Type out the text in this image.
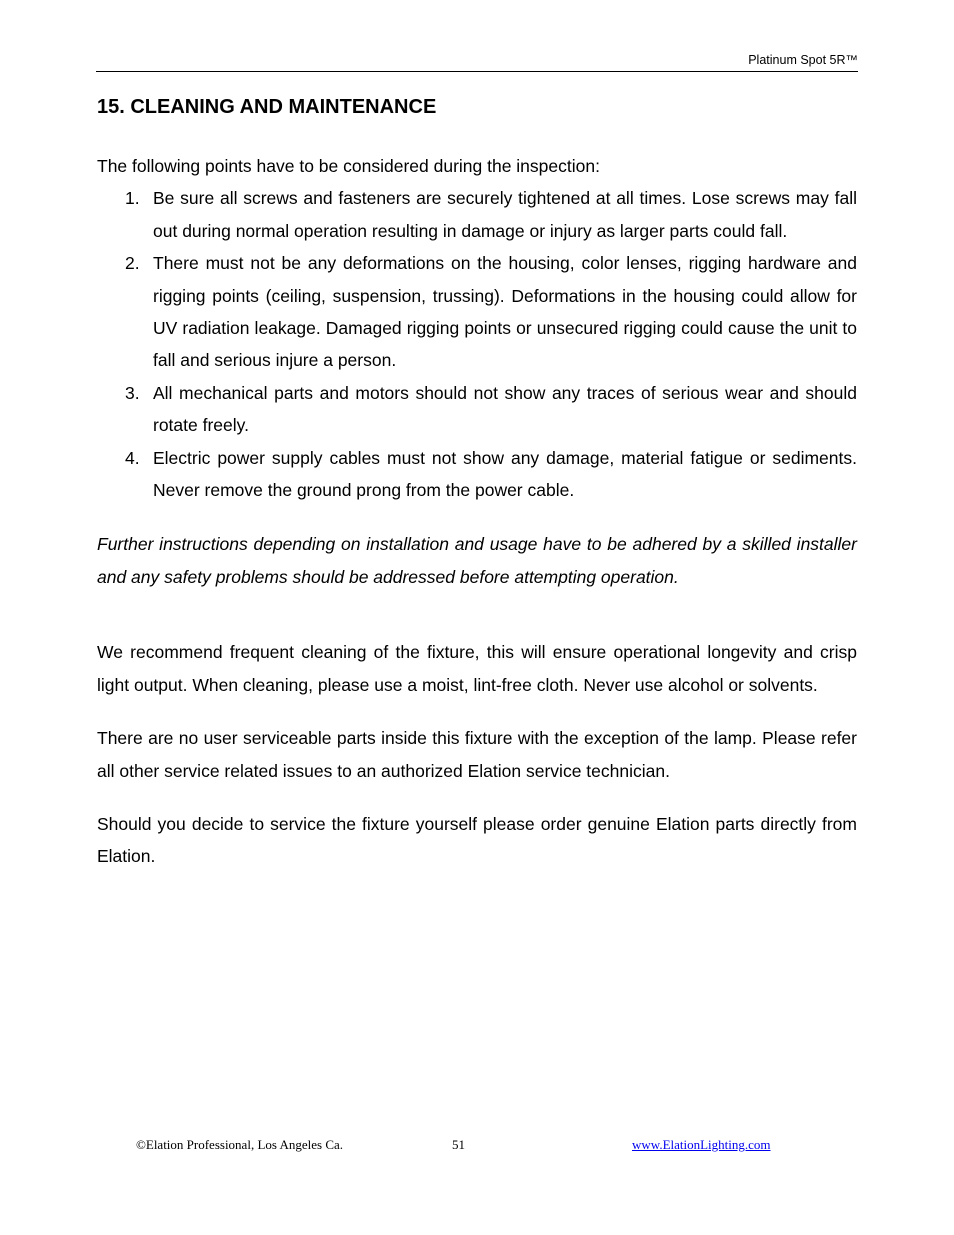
Platinum Spot 5R™
15. CLEANING AND MAINTENANCE

The following points have to be considered during the inspection:

1. Be sure all screws and fasteners are securely tightened at all times. Lose screws may fall out during normal operation resulting in damage or injury as larger parts could fall.
2. There must not be any deformations on the housing, color lenses, rigging hardware and rigging points (ceiling, suspension, trussing). Deformations in the housing could allow for UV radiation leakage. Damaged rigging points or unsecured rigging could cause the unit to fall and serious injure a person.
3. All mechanical parts and motors should not show any traces of serious wear and should rotate freely.
4. Electric power supply cables must not show any damage, material fatigue or sediments. Never remove the ground prong from the power cable.

Further instructions depending on installation and usage have to be adhered by a skilled installer and any safety problems should be addressed before attempting operation.

We recommend frequent cleaning of the fixture, this will ensure operational longevity and crisp light output. When cleaning, please use a moist, lint-free cloth. Never use alcohol or solvents.

There are no user serviceable parts inside this fixture with the exception of the lamp. Please refer all other service related issues to an authorized Elation service technician.

Should you decide to service the fixture yourself please order genuine Elation parts directly from Elation.

©Elation Professional, Los Angeles Ca.	51	www.ElationLighting.com
